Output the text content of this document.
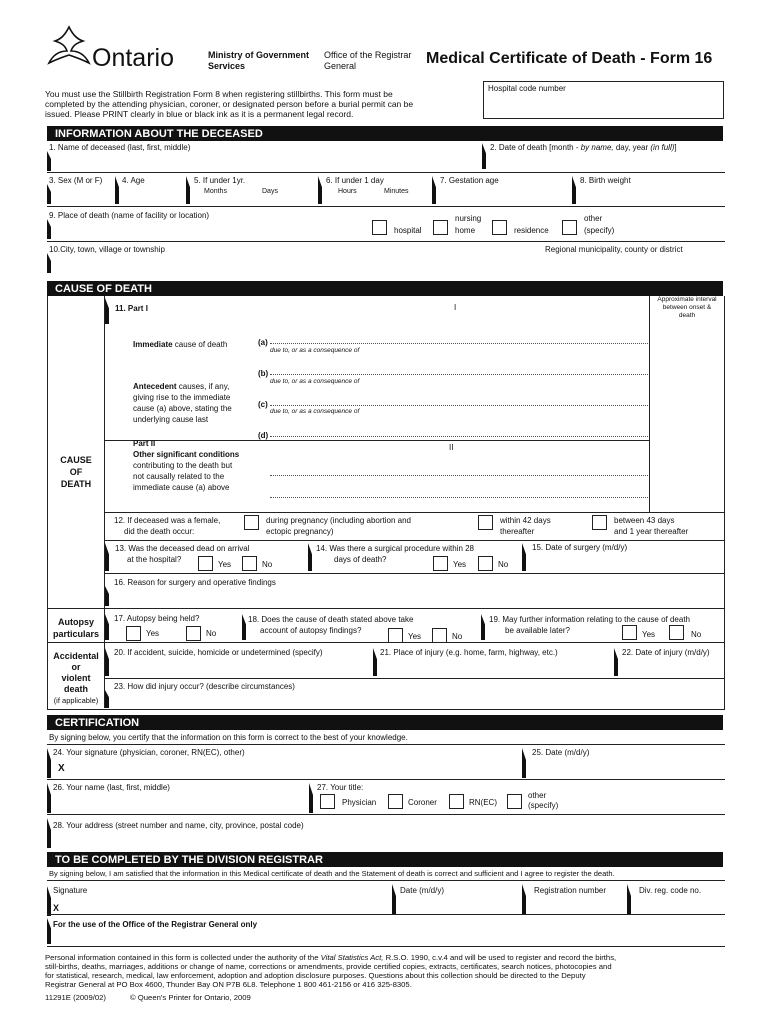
Ontario	Ministry of Government Services
Office of the Registrar General	Medical Certificate of Death - Form 16
Hospital code number
You must use the Stillbirth Registration Form 8 when registering stillbirths. This form must be
completed by the attending physician, coroner, or designated person before a burial permit can be
issued. Please PRINT clearly in blue or black ink as it is a permanent legal record.
INFORMATION ABOUT THE DECEASED
1. Name of deceased (last, first, middle)	2. Date of death [month - by name, day, year (in full)]
3. Sex (M or F) 4. Age	5. If under 1yr.
Months	Days
6. If under 1 day
Hours	Minutes
7. Gestation age	8. Birth weight
9. Place of death (name of facility or location)
hospital
nursing
home	residence
other
(specify)
10.City, town, village or township	Regional municipality, county or district
CAUSE OF DEATH
CAUSE
OF
DEATH
11. Part I	I
Approximate interval
between onset &
death
Immediate cause of death	(a)
due to, or as a consequence of
(b)
due to, or as a consequence of
Antecedent causes, if any,
giving rise to the immediate
cause (a) above, stating the
underlying cause last
(c)
due to, or as a consequence of
(d)
II
Part II
Other significant conditions
contributing to the death but
not causally related to the
immediate cause (a) above
12. If deceased was a female,
did the death occur:
during pregnancy (including abortion and
ectopic pregnancy)
within 42 days
thereafter
between 43 days
and 1 year thereafter
13. Was the deceased dead on arrival
at the hospital?
Yes	No
14. Was there a surgical procedure within 28
days of death?
Yes	No
15. Date of surgery (m/d/y)
16. Reason for surgery and operative findings
Autopsy
particulars
17. Autopsy being held?
Yes	No
18. Does the cause of death stated above take
account of autopsy findings?
Yes	No
19. May further information relating to the cause of death
be available later?	Yes	No
Accidental
or
violent
death
(if applicable)
20. If accident, suicide, homicide or undetermined (specify)	21. Place of injury (e.g. home, farm, highway, etc.)	22. Date of injury (m/d/y)
23. How did injury occur? (describe circumstances)
CERTIFICATION
By signing below, you certify that the information on this form is correct to the best of your knowledge.
24. Your signature (physician, coroner, RN(EC), other)
X
25. Date (m/d/y)
26. Your name (last, first, middle)	27. Your title:
Physician	Coroner	RN(EC)
other
(specify)
28. Your address (street number and name, city, province, postal code)
TO BE COMPLETED BY THE DIVISION REGISTRAR
By signing below, I am satisfied that the information in this Medical certificate of death and the Statement of death is correct and sufficient and I agree to register the death.
Signature
X
Date (m/d/y)	Registration number	Div. reg. code no.
For the use of the Office of the Registrar General only
Personal information contained in this form is collected under the authority of the Vital Statistics Act, R.S.O. 1990, c.v.4 and will be used to register and record the births,
still-births, deaths, marriages, additions or change of name, corrections or amendments, provide certified copies, extracts, certificates, search notices, photocopies and
for statistical, research, medical, law enforcement, adoption and adoption disclosure purposes. Questions about this collection should be directed to the Deputy
Registrar General at PO Box 4600, Thunder Bay ON P7B 6L8. Telephone 1 800 461-2156 or 416 325-8305.
11291E (2009/02)	© Queen's Printer for Ontario, 2009
